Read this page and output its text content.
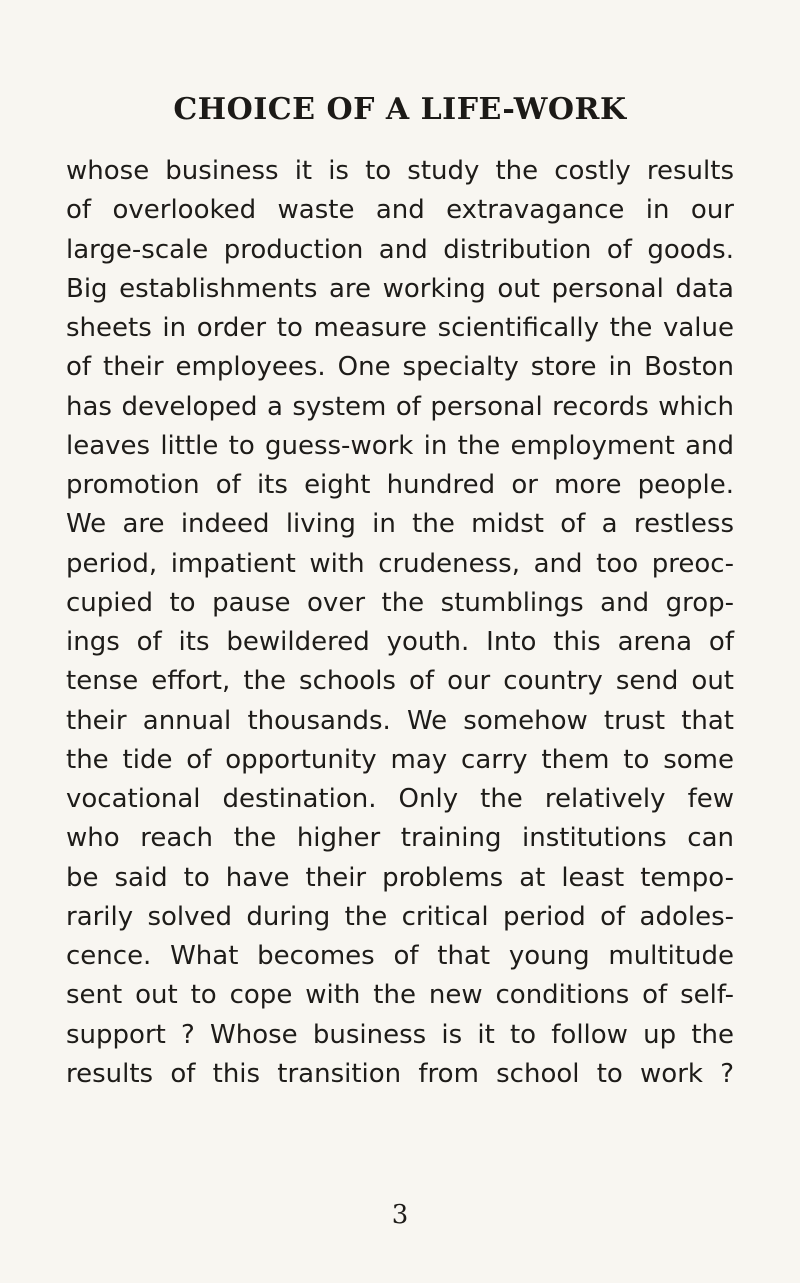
CHOICE OF A LIFE-WORK
whose business it is to study the costly results
of overlooked waste and extravagance in our
large-scale production and distribution of goods.
Big establishments are working out personal data
sheets in order to measure scientifically the value
of their employees. One specialty store in Boston
has developed a system of personal records which
leaves little to guess-work in the employment and
promotion of its eight hundred or more people.
We are indeed living in the midst of a restless
period, impatient with crudeness, and too preoc-
cupied to pause over the stumblings and grop-
ings of its bewildered youth. Into this arena of
tense effort, the schools of our country send out
their annual thousands. We somehow trust that
the tide of opportunity may carry them to some
vocational destination. Only the relatively few
who reach the higher training institutions can
be said to have their problems at least tempo-
rarily solved during the critical period of adoles-
cence. What becomes of that young multitude
sent out to cope with the new conditions of self-
support ? Whose business is it to follow up the
results of this transition from school to work ?
3
